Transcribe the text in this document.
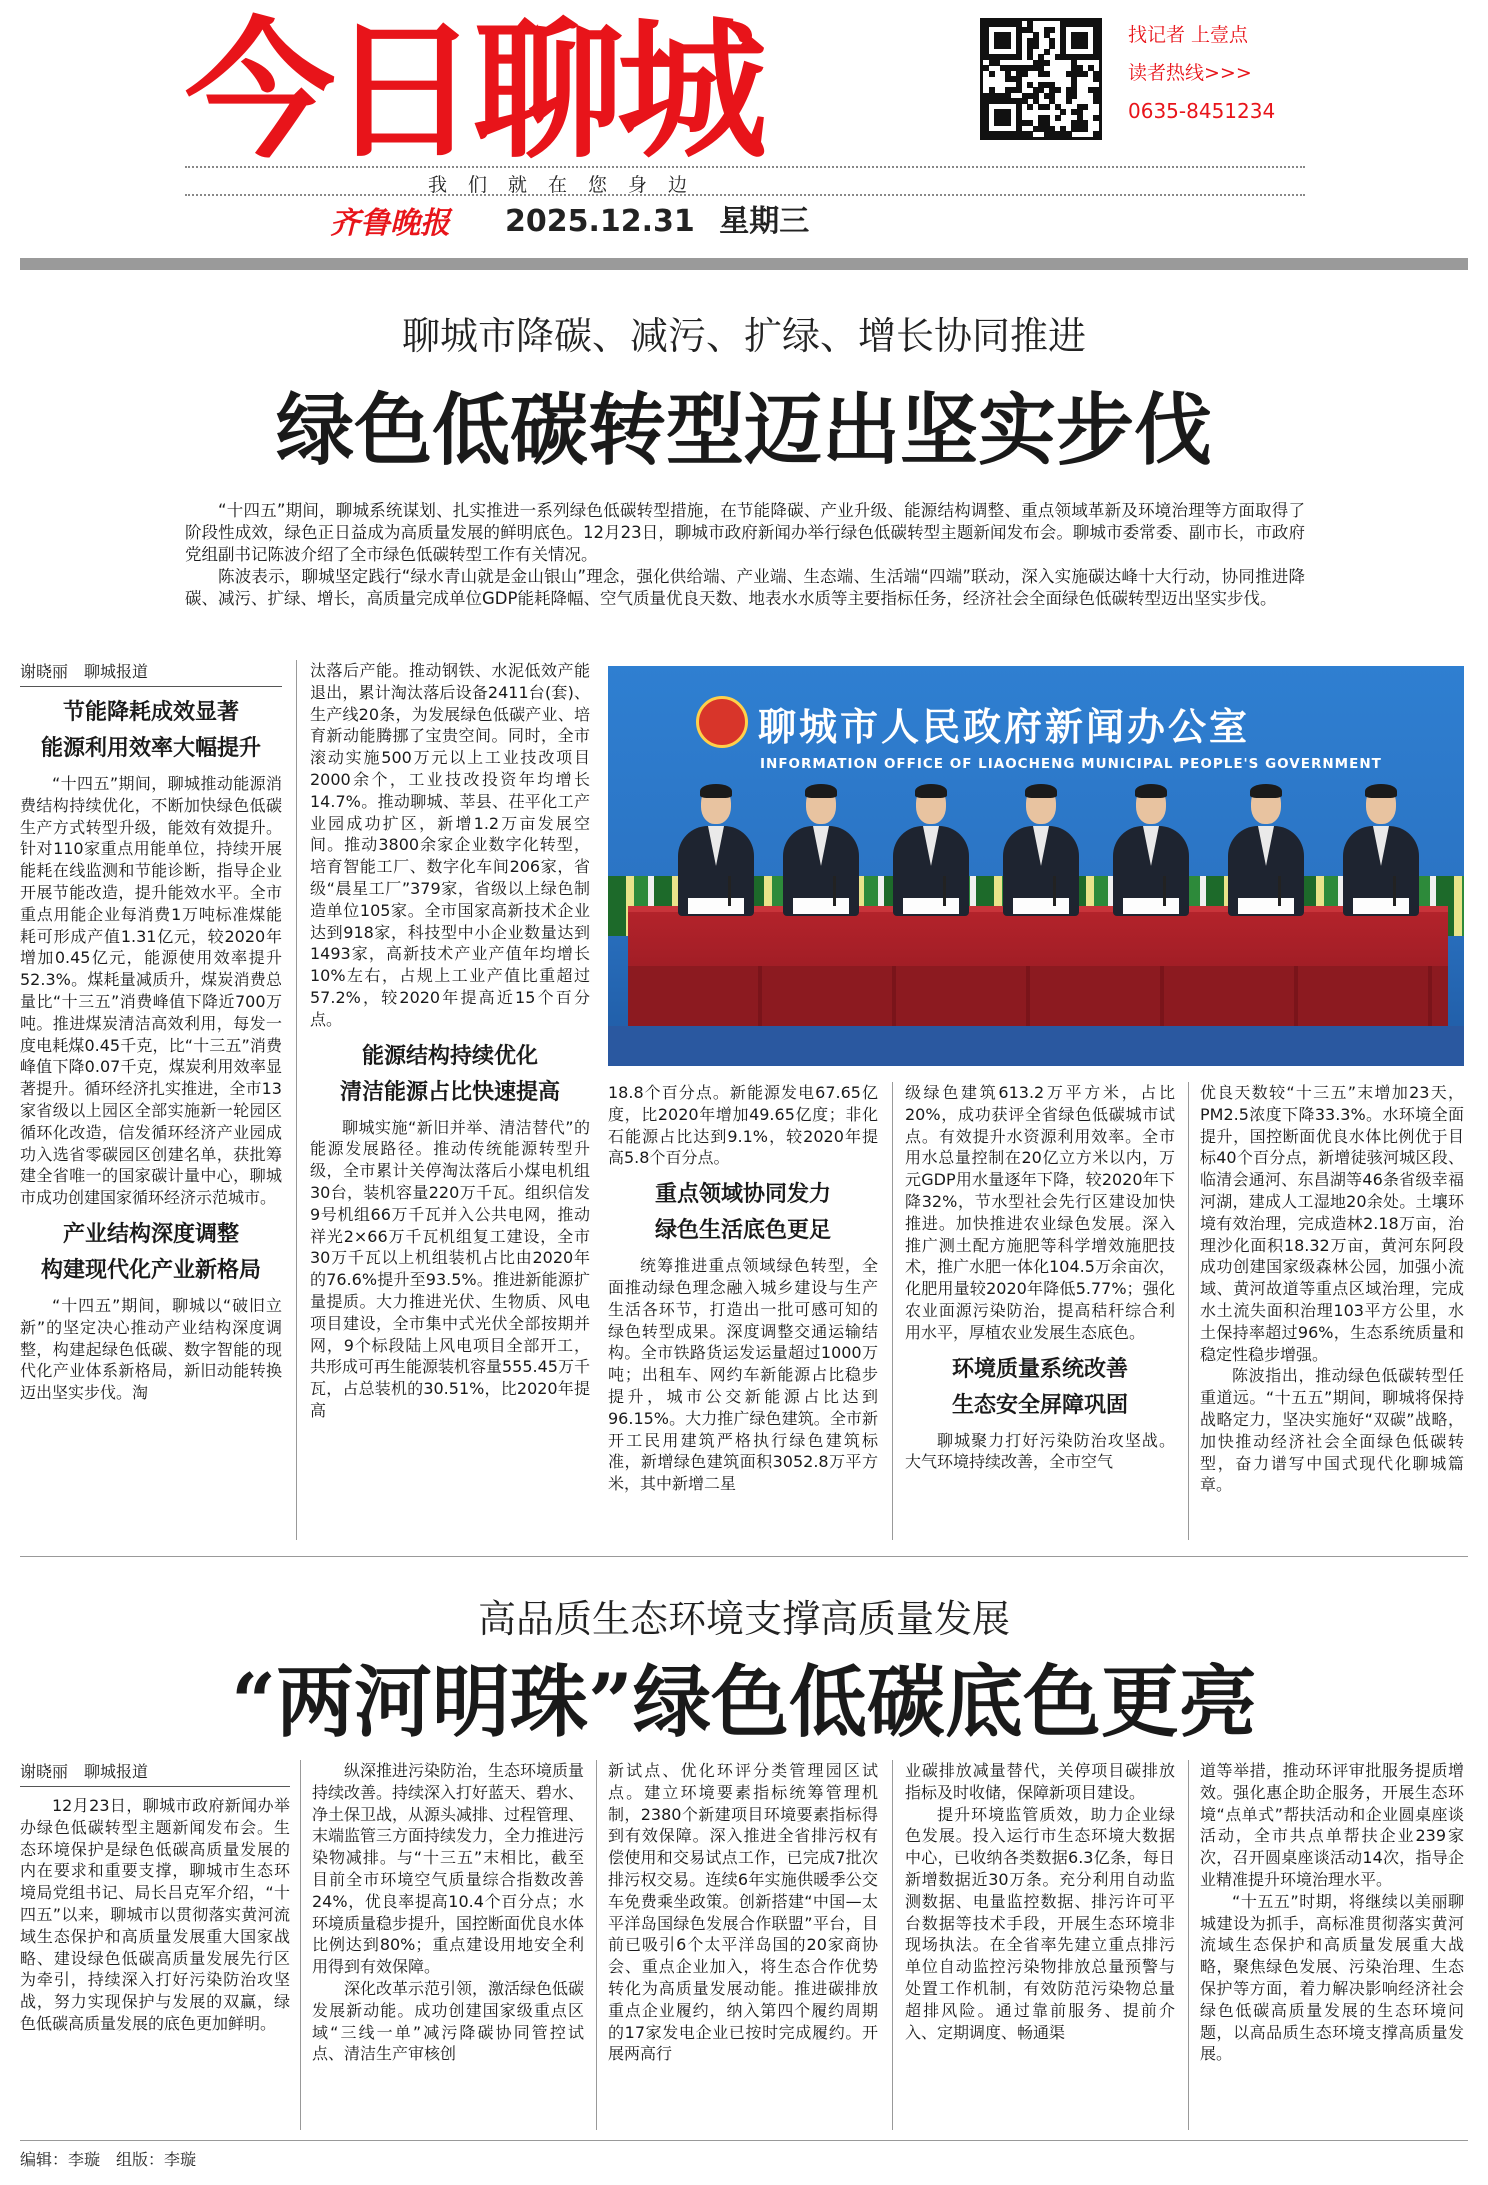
今日聊城	找记者 上壹点
读者热线>>>
0635-8451234
我们就在您身边
齐鲁晚报 2025.12.31 星期三
聊城市降碳、减污、扩绿、增长协同推进
绿色低碳转型迈出坚实步伐

“十四五”期间，聊城系统谋划、扎实推进一系列绿色低碳转型措施，在节能降碳、产业升级、能源结构调整、重点领域革新及环境治理等方面取得了阶段性成效，绿色正日益成为高质量发展的鲜明底色。12月23日，聊城市政府新闻办举行绿色低碳转型主题新闻发布会。聊城市委常委、副市长，市政府党组副书记陈波介绍了全市绿色低碳转型工作有关情况。

陈波表示，聊城坚定践行“绿水青山就是金山银山”理念，强化供给端、产业端、生态端、生活端“四端”联动，深入实施碳达峰十大行动，协同推进降碳、减污、扩绿、增长，高质量完成单位GDP能耗降幅、空气质量优良天数、地表水水质等主要指标任务，经济社会全面绿色低碳转型迈出坚实步伐。

谢晓丽　聊城报道
节能降耗成效显著
能源利用效率大幅提升

“十四五”期间，聊城推动能源消费结构持续优化，不断加快绿色低碳生产方式转型升级，能效有效提升。针对110家重点用能单位，持续开展能耗在线监测和节能诊断，指导企业开展节能改造，提升能效水平。全市重点用能企业每消费1万吨标准煤能耗可形成产值1.31亿元，较2020年增加0.45亿元，能源使用效率提升52.3%。煤耗量减质升，煤炭消费总量比“十三五”消费峰值下降近700万吨。推进煤炭清洁高效利用，每发一度电耗煤0.45千克，比“十三五”消费峰值下降0.07千克，煤炭利用效率显著提升。循环经济扎实推进，全市13家省级以上园区全部实施新一轮园区循环化改造，信发循环经济产业园成功入选省零碳园区创建名单，获批筹建全省唯一的国家碳计量中心，聊城市成功创建国家循环经济示范城市。

产业结构深度调整
构建现代化产业新格局

“十四五”期间，聊城以“破旧立新”的坚定决心推动产业结构深度调整，构建起绿色低碳、数字智能的现代化产业体系新格局，新旧动能转换迈出坚实步伐。淘

汰落后产能。推动钢铁、水泥低效产能退出，累计淘汰落后设备2411台(套)、生产线20条，为发展绿色低碳产业、培育新动能腾挪了宝贵空间。同时，全市滚动实施500万元以上工业技改项目2000余个，工业技改投资年均增长14.7%。推动聊城、莘县、茌平化工产业园成功扩区，新增1.2万亩发展空间。推动3800余家企业数字化转型，培育智能工厂、数字化车间206家，省级“晨星工厂”379家，省级以上绿色制造单位105家。全市国家高新技术企业达到918家，科技型中小企业数量达到1493家，高新技术产业产值年均增长10%左右，占规上工业产值比重超过57.2%，较2020年提高近15个百分点。

能源结构持续优化
清洁能源占比快速提高

聊城实施“新旧并举、清洁替代”的能源发展路径。推动传统能源转型升级，全市累计关停淘汰落后小煤电机组30台，装机容量220万千瓦。组织信发9号机组66万千瓦并入公共电网，推动祥光2×66万千瓦机组复工建设，全市30万千瓦以上机组装机占比由2020年的76.6%提升至93.5%。推进新能源扩量提质。大力推进光伏、生物质、风电项目建设，全市集中式光伏全部按期并网，9个标段陆上风电项目全部开工，共形成可再生能源装机容量555.45万千瓦，占总装机的30.51%，比2020年提高

聊城市人民政府新闻办公室
INFORMATION OFFICE OF LIAOCHENG MUNICIPAL PEOPLE'S GOVERNMENT

18.8个百分点。新能源发电67.65亿度，比2020年增加49.65亿度；非化石能源占比达到9.1%，较2020年提高5.8个百分点。

重点领域协同发力
绿色生活底色更足

统筹推进重点领域绿色转型，全面推动绿色理念融入城乡建设与生产生活各环节，打造出一批可感可知的绿色转型成果。深度调整交通运输结构。全市铁路货运发运量超过1000万吨；出租车、网约车新能源占比稳步提升，城市公交新能源占比达到96.15%。大力推广绿色建筑。全市新开工民用建筑严格执行绿色建筑标准，新增绿色建筑面积3052.8万平方米，其中新增二星

级绿色建筑613.2万平方米，占比20%，成功获评全省绿色低碳城市试点。有效提升水资源利用效率。全市用水总量控制在20亿立方米以内，万元GDP用水量逐年下降，较2020年下降32%，节水型社会先行区建设加快推进。加快推进农业绿色发展。深入推广测土配方施肥等科学增效施肥技术，推广水肥一体化104.5万余亩次，化肥用量较2020年降低5.77%；强化农业面源污染防治，提高秸秆综合利用水平，厚植农业发展生态底色。

环境质量系统改善
生态安全屏障巩固

聊城聚力打好污染防治攻坚战。大气环境持续改善，全市空气

优良天数较“十三五”末增加23天，PM2.5浓度下降33.3%。水环境全面提升，国控断面优良水体比例优于目标40个百分点，新增徒骇河城区段、临清会通河、东昌湖等46条省级幸福河湖，建成人工湿地20余处。土壤环境有效治理，完成造林2.18万亩，治理沙化面积18.32万亩，黄河东阿段成功创建国家级森林公园，加强小流域、黄河故道等重点区域治理，完成水土流失面积治理103平方公里，水土保持率超过96%，生态系统质量和稳定性稳步增强。

陈波指出，推动绿色低碳转型任重道远。“十五五”期间，聊城将保持战略定力，坚决实施好“双碳”战略，加快推动经济社会全面绿色低碳转型，奋力谱写中国式现代化聊城篇章。

高品质生态环境支撑高质量发展
“两河明珠”绿色低碳底色更亮
谢晓丽　聊城报道

12月23日，聊城市政府新闻办举办绿色低碳转型主题新闻发布会。生态环境保护是绿色低碳高质量发展的内在要求和重要支撑，聊城市生态环境局党组书记、局长吕克军介绍，“十四五”以来，聊城市以贯彻落实黄河流域生态保护和高质量发展重大国家战略、建设绿色低碳高质量发展先行区为牵引，持续深入打好污染防治攻坚战，努力实现保护与发展的双赢，绿色低碳高质量发展的底色更加鲜明。

纵深推进污染防治，生态环境质量持续改善。持续深入打好蓝天、碧水、净土保卫战，从源头减排、过程管理、末端监管三方面持续发力，全力推进污染物减排。与“十三五”末相比，截至目前全市环境空气质量综合指数改善24%，优良率提高10.4个百分点；水环境质量稳步提升，国控断面优良水体比例达到80%；重点建设用地安全利用得到有效保障。

深化改革示范引领，激活绿色低碳发展新动能。成功创建国家级重点区域“三线一单”减污降碳协同管控试点、清洁生产审核创

新试点、优化环评分类管理园区试点。建立环境要素指标统筹管理机制，2380个新建项目环境要素指标得到有效保障。深入推进全省排污权有偿使用和交易试点工作，已完成7批次排污权交易。连续6年实施供暖季公交车免费乘坐政策。创新搭建“中国—太平洋岛国绿色发展合作联盟”平台，目前已吸引6个太平洋岛国的20家商协会、重点企业加入，将生态合作优势转化为高质量发展动能。推进碳排放重点企业履约，纳入第四个履约周期的17家发电企业已按时完成履约。开展两高行

业碳排放减量替代，关停项目碳排放指标及时收储，保障新项目建设。

提升环境监管质效，助力企业绿色发展。投入运行市生态环境大数据中心，已收纳各类数据6.3亿条，每日新增数据近30万条。充分利用自动监测数据、电量监控数据、排污许可平台数据等技术手段，开展生态环境非现场执法。在全省率先建立重点排污单位自动监控污染物排放总量预警与处置工作机制，有效防范污染物总量超排风险。通过靠前服务、提前介入、定期调度、畅通渠

道等举措，推动环评审批服务提质增效。强化惠企助企服务，开展生态环境“点单式”帮扶活动和企业圆桌座谈活动，全市共点单帮扶企业239家次，召开圆桌座谈活动14次，指导企业精准提升环境治理水平。

“十五五”时期，将继续以美丽聊城建设为抓手，高标准贯彻落实黄河流域生态保护和高质量发展重大战略，聚焦绿色发展、污染治理、生态保护等方面，着力解决影响经济社会绿色低碳高质量发展的生态环境问题，以高品质生态环境支撑高质量发展。

编辑：李璇　组版：李璇
